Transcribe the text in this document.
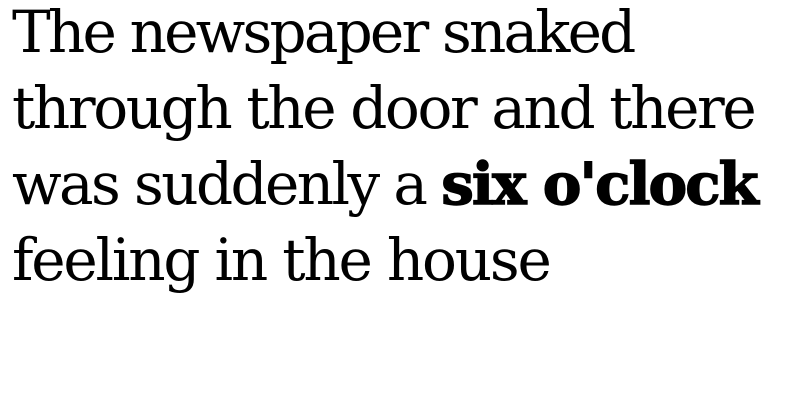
The newspaper snaked
through the door and there
was suddenly a six o'clock
feeling in the house
